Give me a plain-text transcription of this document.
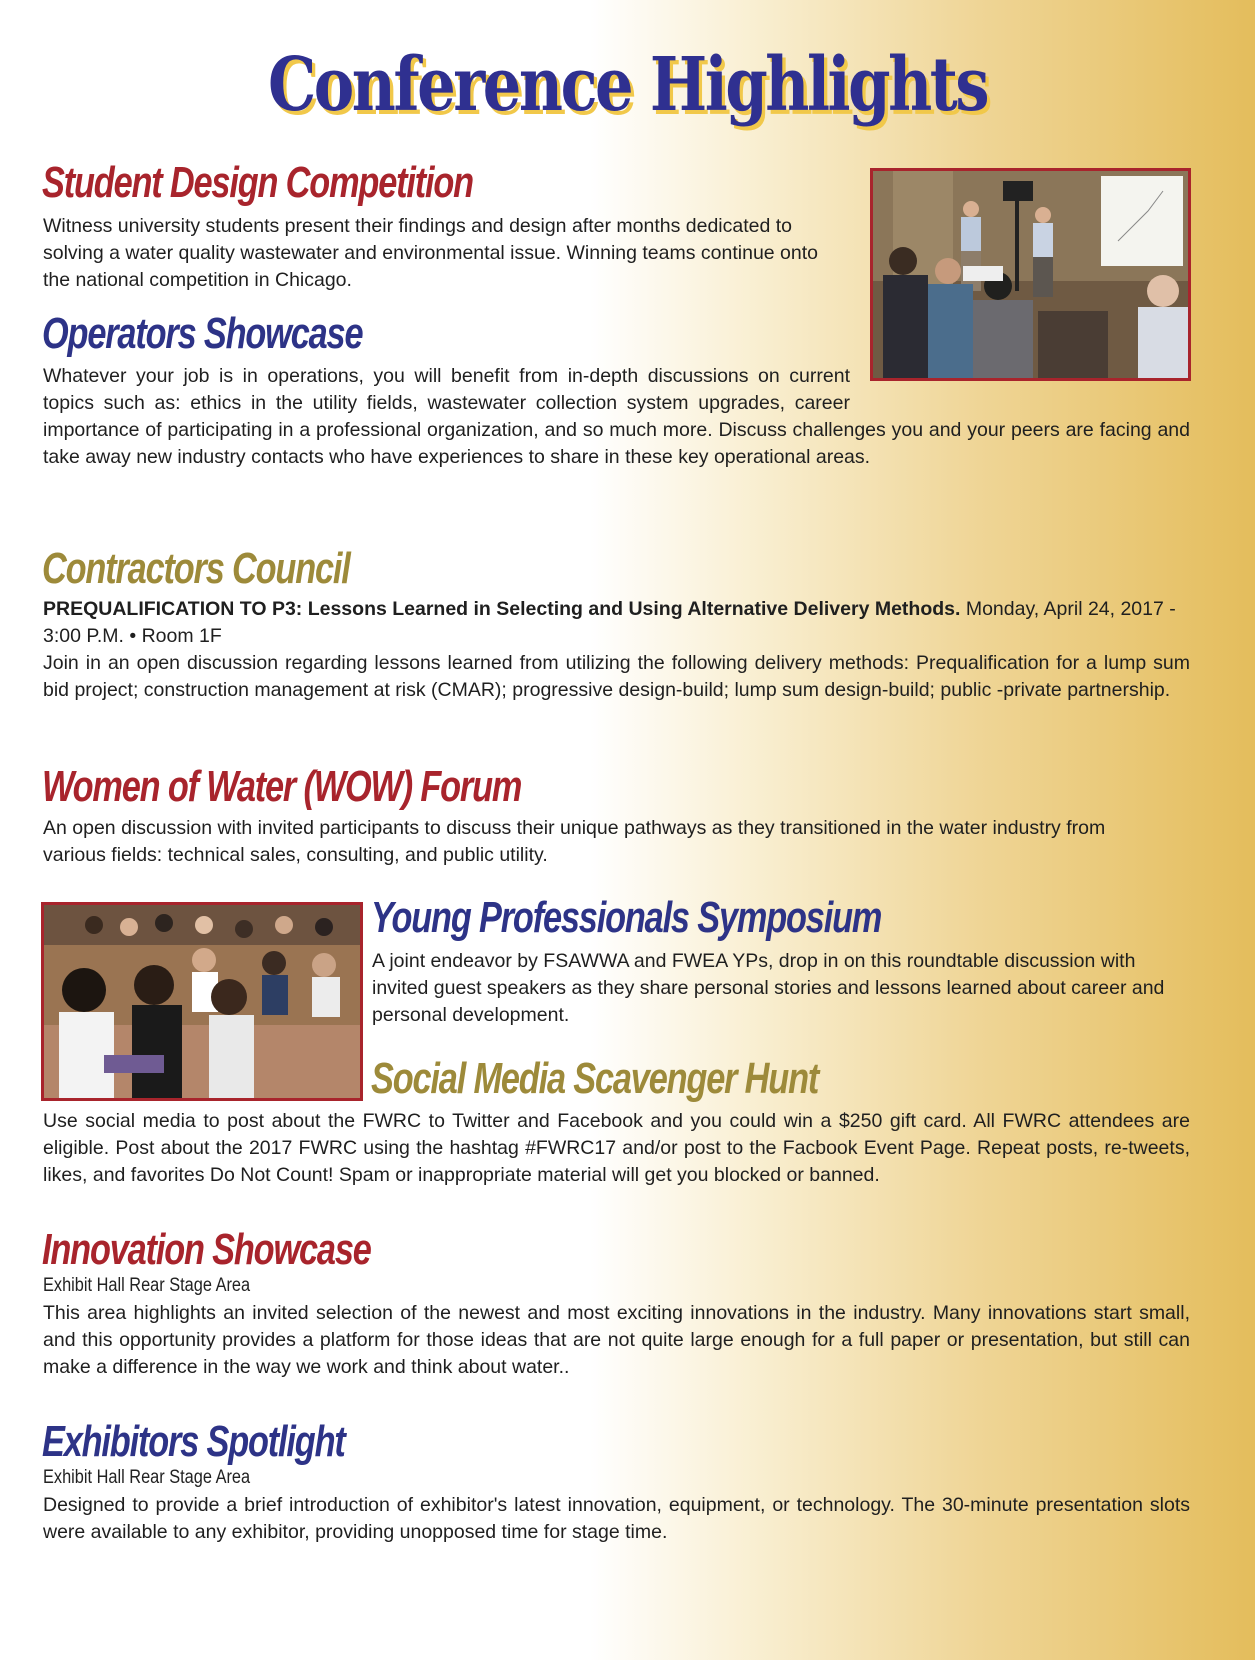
Conference Highlights
Student Design Competition

Witness university students present their findings and design after months dedicated to solving a water quality wastewater and environmental issue. Winning teams continue onto the national competition in Chicago.

Operators Showcase

Whatever your job is in operations, you will benefit from in-depth discussions on current topics such as: ethics in the utility fields, wastewater collection system upgrades, career importance of participating in a professional organization, and so much more. Discuss challenges you and your peers are facing and take away new industry contacts who have experiences to share in these key operational areas.

Contractors Council

PREQUALIFICATION TO P3: Lessons Learned in Selecting and Using Alternative Delivery Methods. Monday, April 24, 2017 - 3:00 P.M. • Room 1F

Join in an open discussion regarding lessons learned from utilizing the following delivery methods: Prequalification for a lump sum bid project; construction management at risk (CMAR); progressive design-build; lump sum design-build; public -private partnership.

Women of Water (WOW) Forum

An open discussion with invited participants to discuss their unique pathways as they transitioned in the water industry from various fields: technical sales, consulting, and public utility.

Young Professionals Symposium

A joint endeavor by FSAWWA and FWEA YPs, drop in on this roundtable discussion with invited guest speakers as they share personal stories and lessons learned about career and personal development.

Social Media Scavenger Hunt

Use social media to post about the FWRC to Twitter and Facebook and you could win a $250 gift card. All FWRC attendees are eligible. Post about the 2017 FWRC using the hashtag #FWRC17 and/or post to the Facbook Event Page. Repeat posts, re-tweets, likes, and favorites Do Not Count! Spam or inappropriate material will get you blocked or banned.

Innovation Showcase

Exhibit Hall Rear Stage Area

This area highlights an invited selection of the newest and most exciting innovations in the industry. Many innovations start small, and this opportunity provides a platform for those ideas that are not quite large enough for a full paper or presentation, but still can make a difference in the way we work and think about water..

Exhibitors Spotlight

Exhibit Hall Rear Stage Area

Designed to provide a brief introduction of exhibitor's latest innovation, equipment, or technology. The 30-minute presentation slots were available to any exhibitor, providing unopposed time for stage time.
